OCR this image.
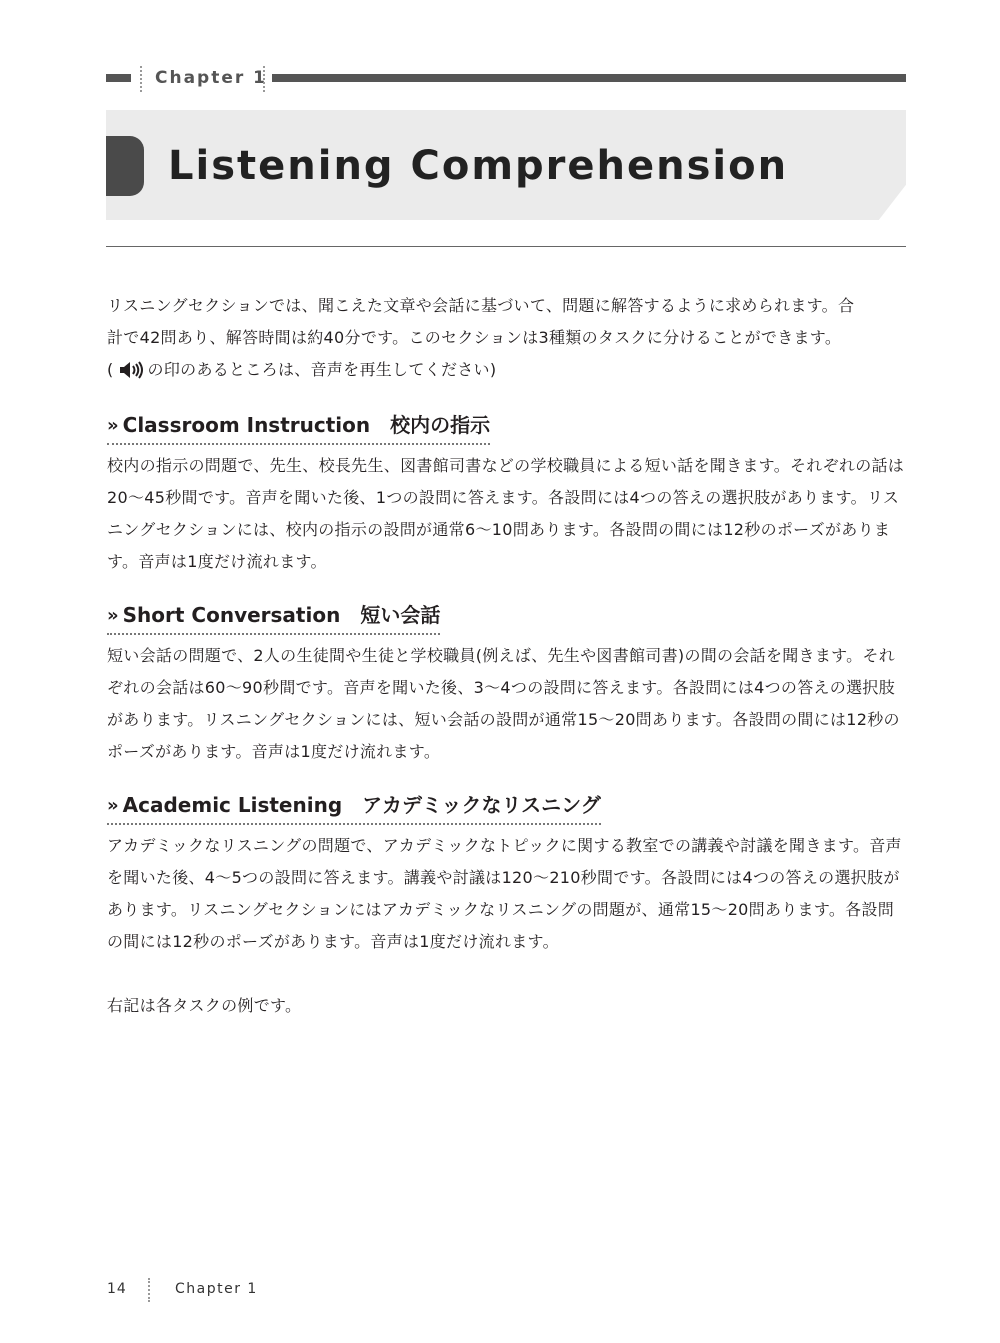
Chapter 1
Listening Comprehension

リスニングセクションでは、聞こえた文章や会話に基づいて、問題に解答するように求められます。合
計で42問あり、解答時間は約40分です。このセクションは3種類のタスクに分けることができます。
( の印のあるところは、音声を再生してください)

» Classroom Instruction 校内の指示

校内の指示の問題で、先生、校長先生、図書館司書などの学校職員による短い話を聞きます。それぞれの話は20〜45秒間です。音声を聞いた後、1つの設問に答えます。各設問には4つの答えの選択肢があります。リスニングセクションには、校内の指示の設問が通常6〜10問あります。各設問の間には12秒のポーズがあります。音声は1度だけ流れます。

» Short Conversation 短い会話

短い会話の問題で、2人の生徒間や生徒と学校職員(例えば、先生や図書館司書)の間の会話を聞きます。それぞれの会話は60〜90秒間です。音声を聞いた後、3〜4つの設問に答えます。各設問には4つの答えの選択肢があります。リスニングセクションには、短い会話の設問が通常15〜20問あります。各設問の間には12秒のポーズがあります。音声は1度だけ流れます。

» Academic Listening アカデミックなリスニング

アカデミックなリスニングの問題で、アカデミックなトピックに関する教室での講義や討議を聞きます。音声を聞いた後、4〜5つの設問に答えます。講義や討議は120〜210秒間です。各設問には4つの答えの選択肢があります。リスニングセクションにはアカデミックなリスニングの問題が、通常15〜20問あります。各設問の間には12秒のポーズがあります。音声は1度だけ流れます。

右記は各タスクの例です。

14	Chapter 1
